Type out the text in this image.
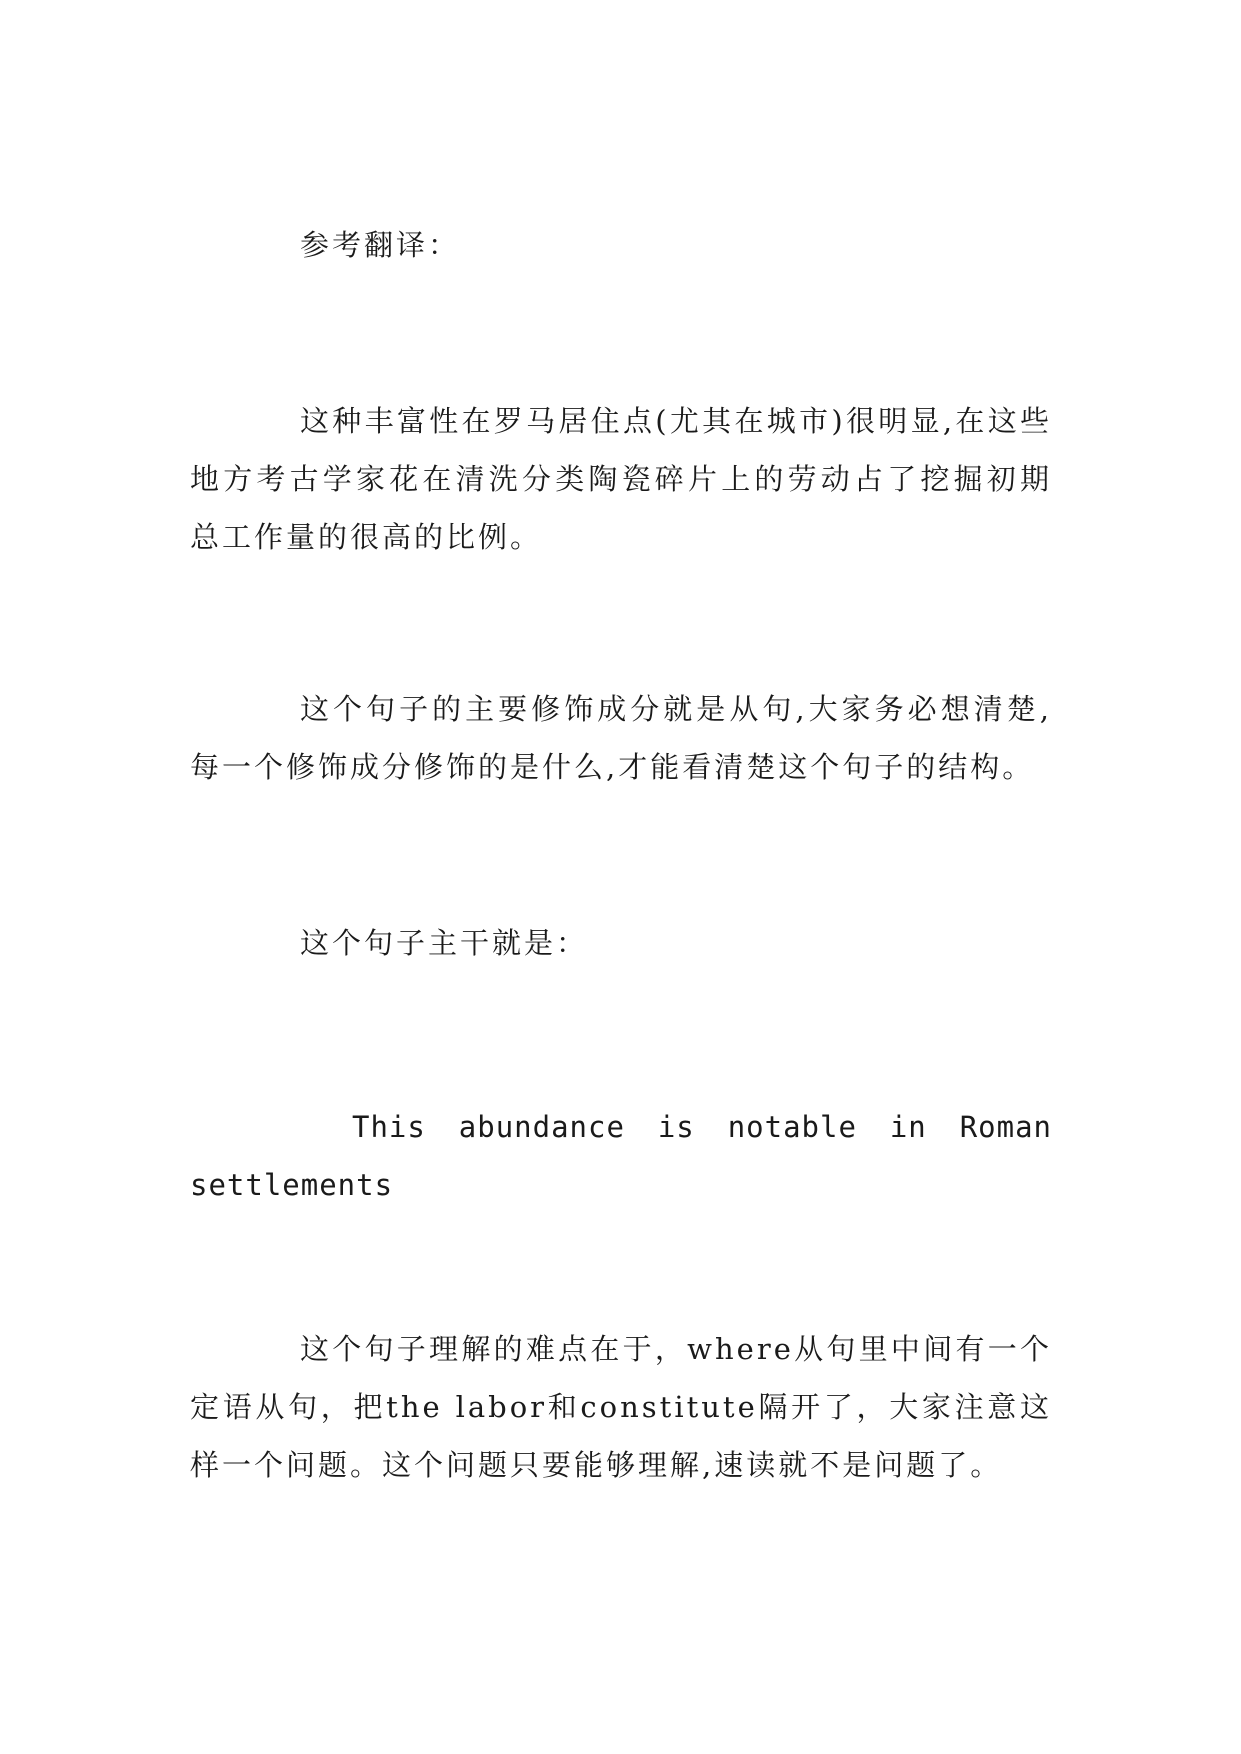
参考翻译：

这种丰富性在罗马居住点(尤其在城市)很明显,在这些地方考古学家花在清洗分类陶瓷碎片上的劳动占了挖掘初期总工作量的很高的比例。

这个句子的主要修饰成分就是从句,大家务必想清楚,每一个修饰成分修饰的是什么,才能看清楚这个句子的结构。

这个句子主干就是：

This abundance is notable in Roman settlements

这个句子理解的难点在于，where从句里中间有一个定语从句，把the labor和constitute隔开了，大家注意这样一个问题。这个问题只要能够理解,速读就不是问题了。
